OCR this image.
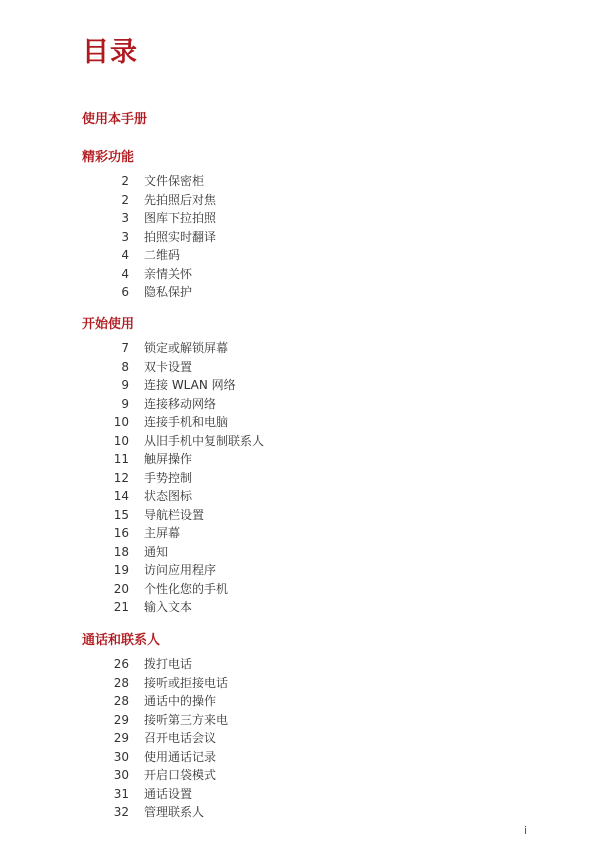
目录
使用本手册
精彩功能
2 文件保密柜
2 先拍照后对焦
3 图库下拉拍照
3 拍照实时翻译
4 二维码
4 亲情关怀
6 隐私保护
开始使用
7 锁定或解锁屏幕
8 双卡设置
9 连接 WLAN 网络
9 连接移动网络
10 连接手机和电脑
10 从旧手机中复制联系人
11 触屏操作
12 手势控制
14 状态图标
15 导航栏设置
16 主屏幕
18 通知
19 访问应用程序
20 个性化您的手机
21 输入文本
通话和联系人
26 拨打电话
28 接听或拒接电话
28 通话中的操作
29 接听第三方来电
29 召开电话会议
30 使用通话记录
30 开启口袋模式
31 通话设置
32 管理联系人
i
